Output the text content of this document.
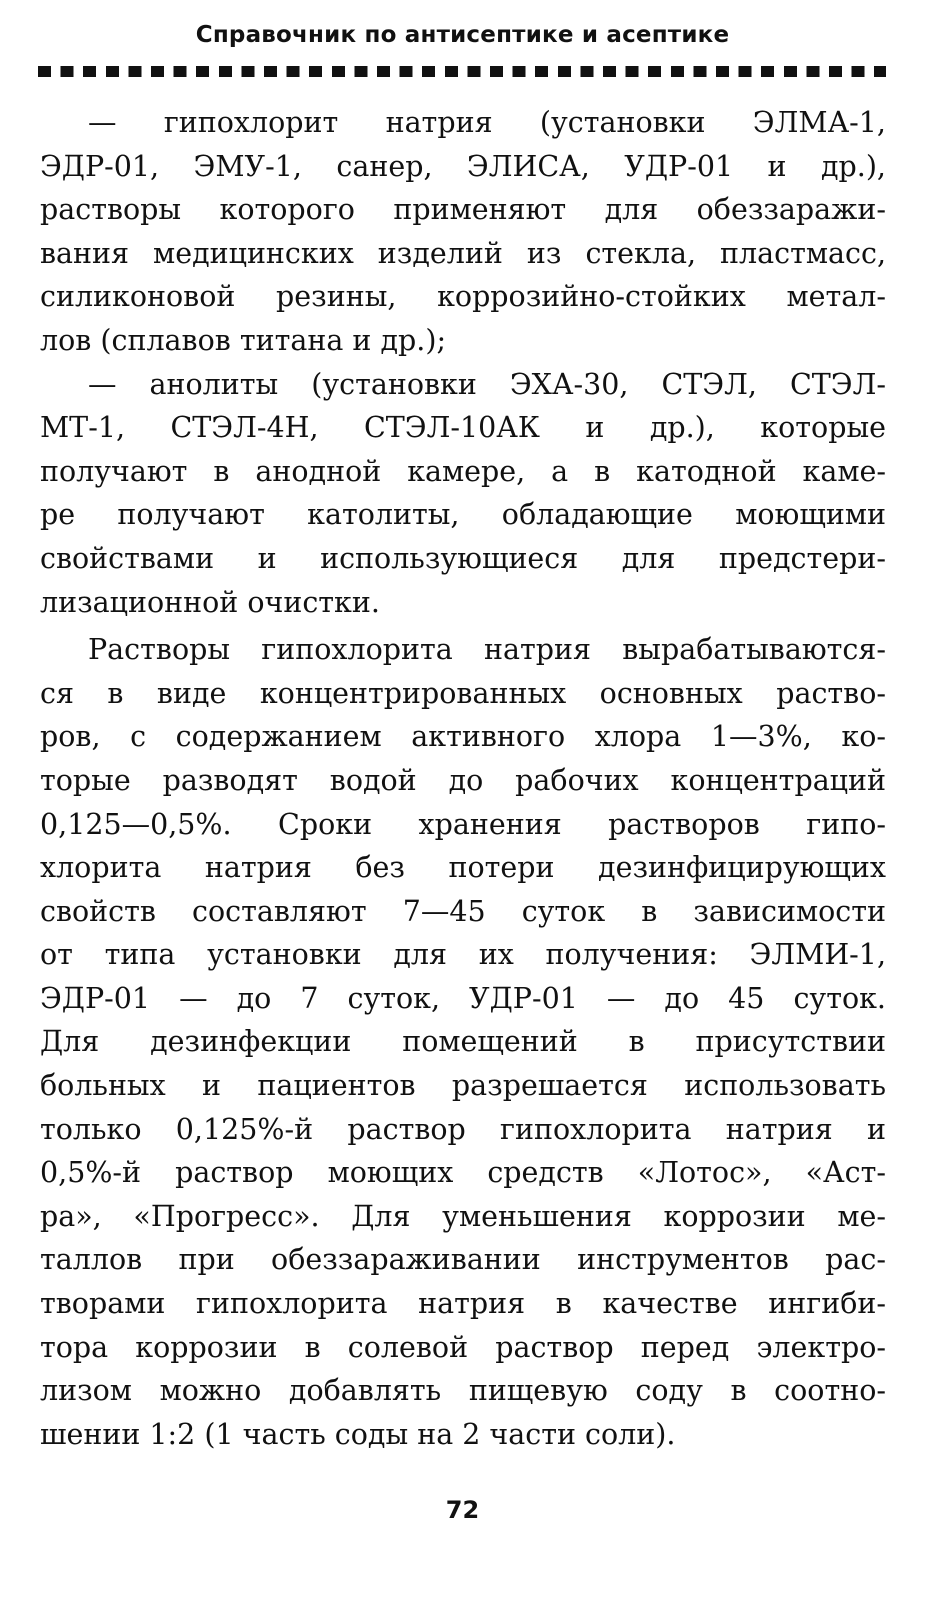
Справочник по антисептике и асептике
— гипохлорит натрия (установки ЭЛМА-1,
ЭДР-01, ЭМУ-1, санер, ЭЛИСА, УДР-01 и др.),
растворы которого применяют для обеззаражи-
вания медицинских изделий из стекла, пластмасс,
силиконовой резины, коррозийно-стойких метал-
лов (сплавов титана и др.);
— анолиты (установки ЭХА-30, СТЭЛ, СТЭЛ-
МТ-1, СТЭЛ-4Н, СТЭЛ-10АК и др.), которые
получают в анодной камере, а в катодной каме-
ре получают католиты, обладающие моющими
свойствами и использующиеся для предстери-
лизационной очистки.
Растворы гипохлорита натрия вырабатываются-
ся в виде концентрированных основных раство-
ров, с содержанием активного хлора 1—3%, ко-
торые разводят водой до рабочих концентраций
0,125—0,5%. Сроки хранения растворов гипо-
хлорита натрия без потери дезинфицирующих
свойств составляют 7—45 суток в зависимости
от типа установки для их получения: ЭЛМИ-1,
ЭДР-01 — до 7 суток, УДР-01 — до 45 суток.
Для дезинфекции помещений в присутствии
больных и пациентов разрешается использовать
только 0,125%-й раствор гипохлорита натрия и
0,5%-й раствор моющих средств «Лотос», «Аст-
ра», «Прогресс». Для уменьшения коррозии ме-
таллов при обеззараживании инструментов рас-
творами гипохлорита натрия в качестве ингиби-
тора коррозии в солевой раствор перед электро-
лизом можно добавлять пищевую соду в соотно-
шении 1:2 (1 часть соды на 2 части соли).
72
